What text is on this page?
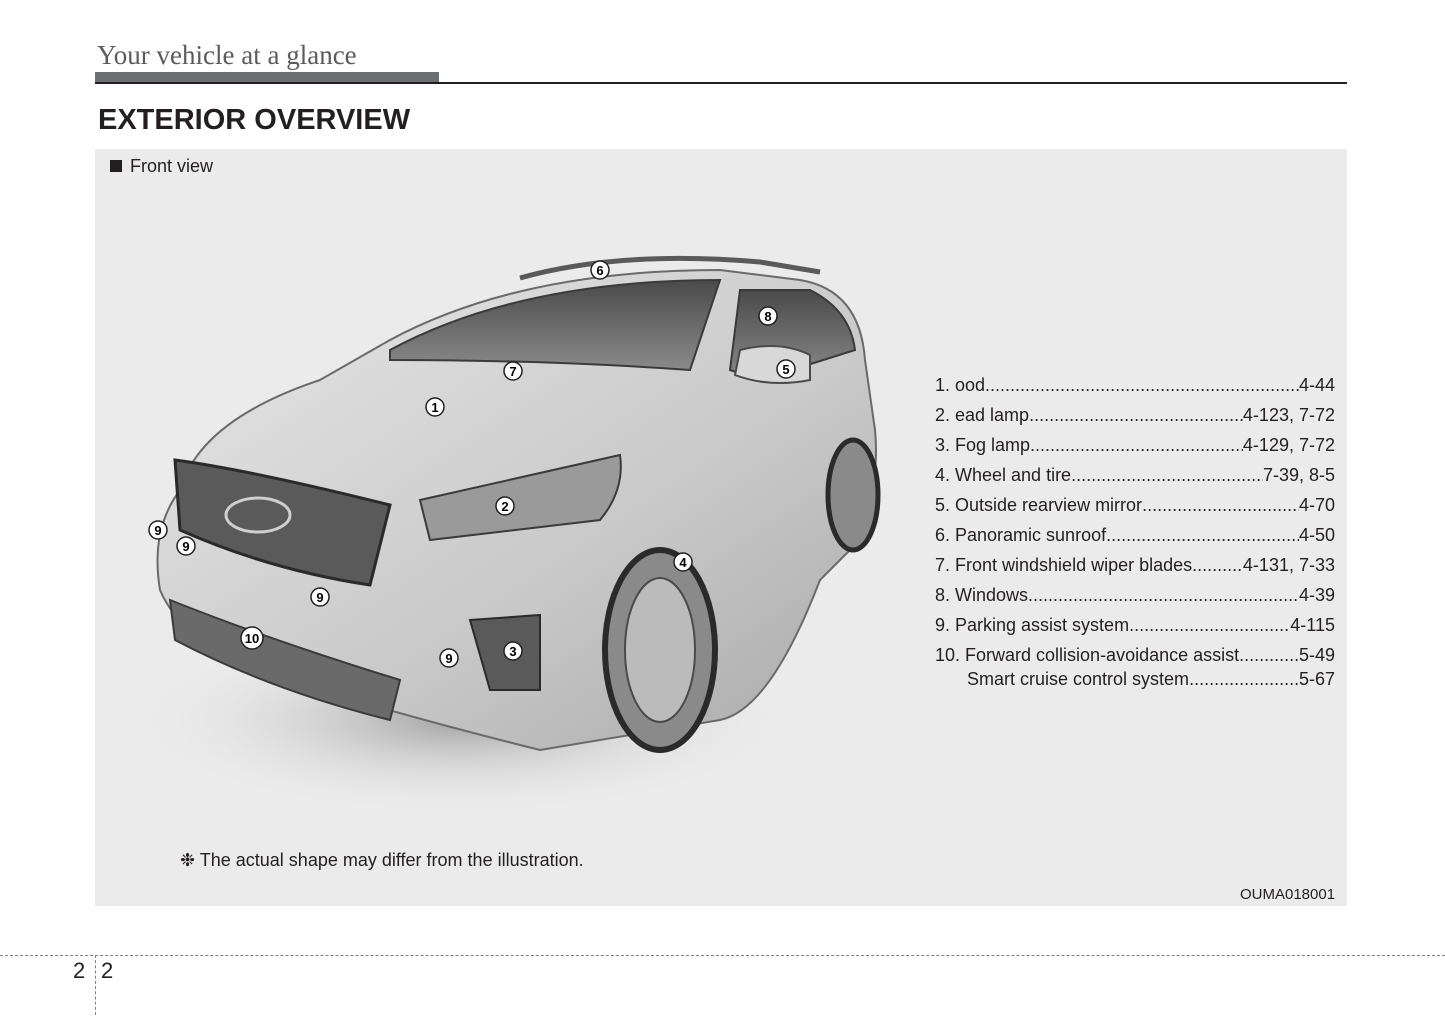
Your vehicle at a glance
EXTERIOR OVERVIEW
Front view
1
2
3
4
5
6
7
8
9
9
9
9
10
1. ood .....	4-44
2. ead lamp .....	4-123, 7-72
3. Fog lamp .....	4-129, 7-72
4. Wheel and tire .....	7-39, 8-5
5. Outside rearview mirror .....	4-70
6. Panoramic sunroof .....	4-50
7. Front windshield wiper blades .....	4-131, 7-33
8. Windows .....	4-39
9. Parking assist system .....	4-115
10. Forward collision-avoidance assist .....	5-49
Smart cruise control system .....	5-67
❉ The actual shape may differ from the illustration.
OUMA018001
2 2
